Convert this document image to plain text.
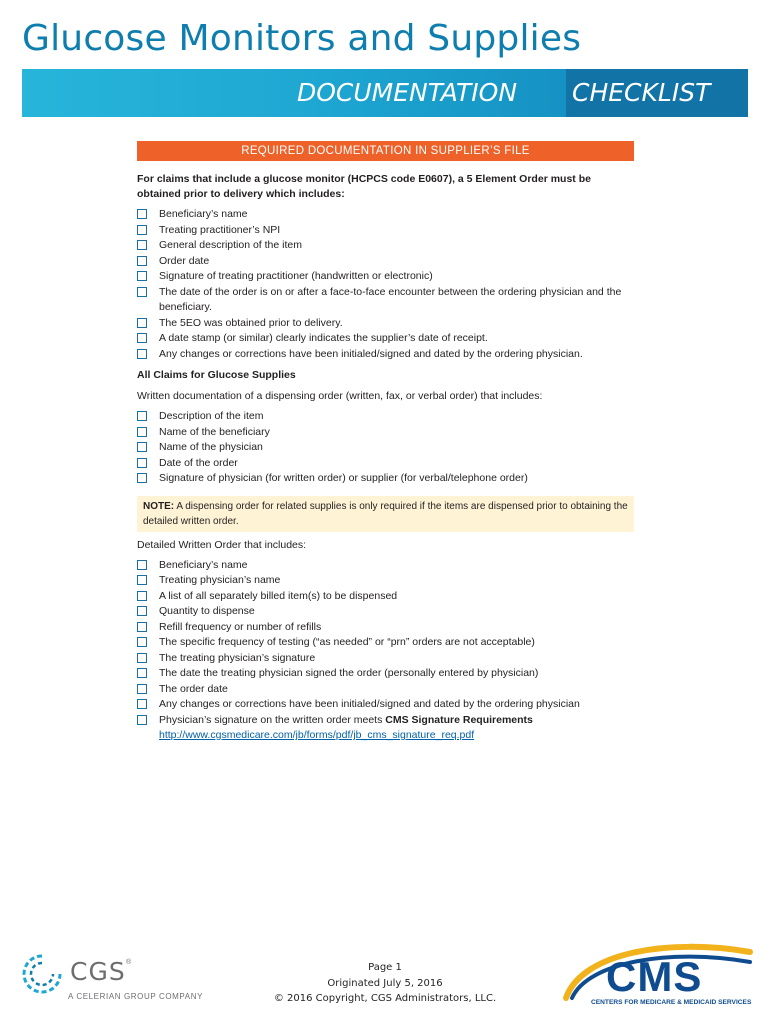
Glucose Monitors and Supplies
DOCUMENTATION CHECKLIST
REQUIRED DOCUMENTATION IN SUPPLIER’S FILE

For claims that include a glucose monitor (HCPCS code E0607), a 5 Element Order must be obtained prior to delivery which includes:

Beneficiary’s name
Treating practitioner’s NPI
General description of the item
Order date
Signature of treating practitioner (handwritten or electronic)
The date of the order is on or after a face-to-face encounter between the ordering physician and the beneficiary.
The 5EO was obtained prior to delivery.
A date stamp (or similar) clearly indicates the supplier’s date of receipt.
Any changes or corrections have been initialed/signed and dated by the ordering physician.

All Claims for Glucose Supplies

Written documentation of a dispensing order (written, fax, or verbal order) that includes:

Description of the item
Name of the beneficiary
Name of the physician
Date of the order
Signature of physician (for written order) or supplier (for verbal/telephone order)
NOTE: A dispensing order for related supplies is only required if the items are dispensed prior to obtaining the detailed written order.

Detailed Written Order that includes:

Beneficiary’s name
Treating physician’s name
A list of all separately billed item(s) to be dispensed
Quantity to dispense
Refill frequency or number of refills
The specific frequency of testing (“as needed” or “prn” orders are not acceptable)
The treating physician’s signature
The date the treating physician signed the order (personally entered by physician)
The order date
Any changes or corrections have been initialed/signed and dated by the ordering physician
Physician’s signature on the written order meets CMS Signature Requirements
http://www.cgsmedicare.com/jb/forms/pdf/jb_cms_signature_req.pdf
CGS ®
A CELERIAN GROUP COMPANY
Page 1
Originated July 5, 2016
© 2016 Copyright, CGS Administrators, LLC.	CMS
CENTERS FOR MEDICARE & MEDICAID SERVICES
